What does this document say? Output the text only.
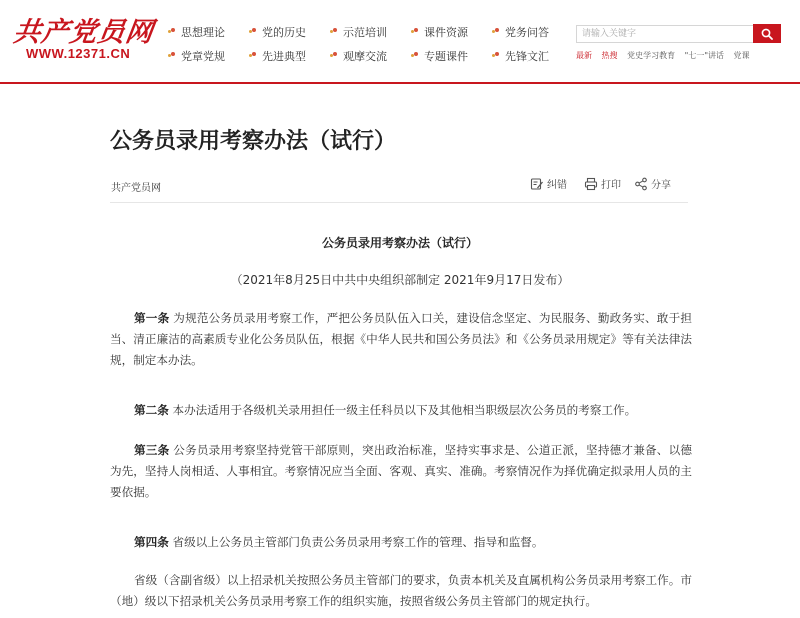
共产党员网
WWW.12371.CN
思想理论	党的历史	示范培训	课件资源	党务问答
党章党规	先进典型	观摩交流	专题课件	先锋文汇
请输入关键字
最新 热搜 党史学习教育 "七一"讲话 党课
公务员录用考察办法（试行）
共产党员网	纠错	打印	分享
公务员录用考察办法（试行）
（2021年8月25日中共中央组织部制定 2021年9月17日发布）

第一条 为规范公务员录用考察工作，严把公务员队伍入口关，建设信念坚定、为民服务、勤政务实、敢于担当、清正廉洁的高素质专业化公务员队伍，根据《中华人民共和国公务员法》和《公务员录用规定》等有关法律法规，制定本办法。

第二条 本办法适用于各级机关录用担任一级主任科员以下及其他相当职级层次公务员的考察工作。

第三条 公务员录用考察坚持党管干部原则，突出政治标准，坚持实事求是、公道正派，坚持德才兼备、以德为先，坚持人岗相适、人事相宜。考察情况应当全面、客观、真实、准确。考察情况作为择优确定拟录用人员的主要依据。

第四条 省级以上公务员主管部门负责公务员录用考察工作的管理、指导和监督。

省级（含副省级）以上招录机关按照公务员主管部门的要求，负责本机关及直属机构公务员录用考察工作。市（地）级以下招录机关公务员录用考察工作的组织实施，按照省级公务员主管部门的规定执行。
